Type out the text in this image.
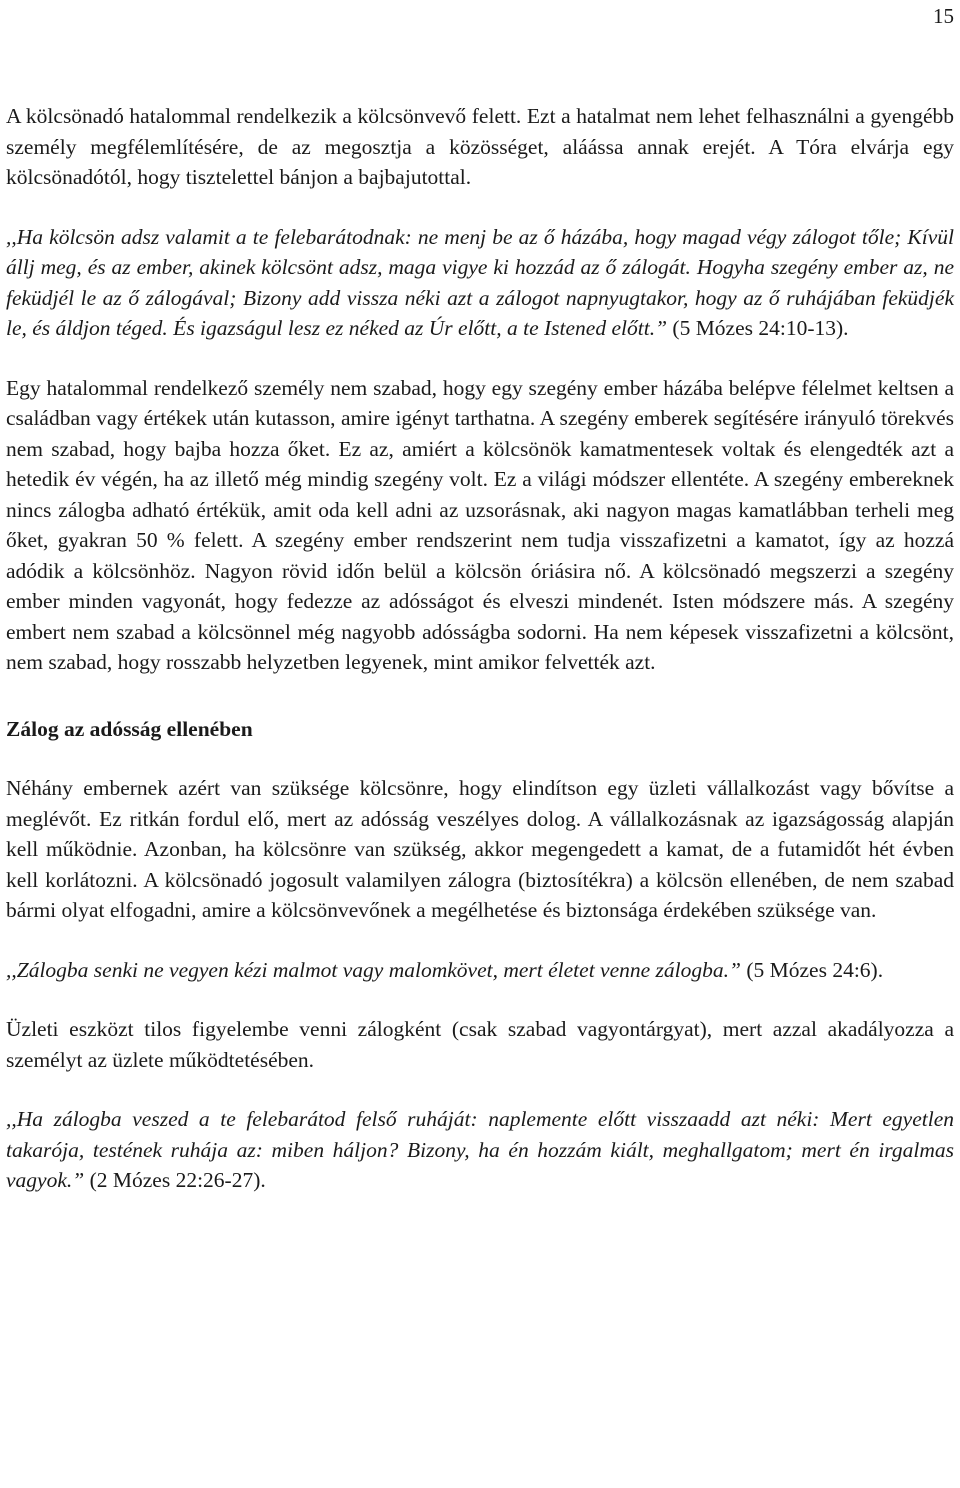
15

A kölcsönadó hatalommal rendelkezik a kölcsönvevő felett. Ezt a hatalmat nem lehet felhasználni a gyengébb személy megfélemlítésére, de az megosztja a közösséget, aláássa annak erejét. A Tóra elvárja egy kölcsönadótól, hogy tisztelettel bánjon a bajbajutottal.

,,Ha kölcsön adsz valamit a te felebarátodnak: ne menj be az ő házába, hogy magad végy zálogot tőle; Kívül állj meg, és az ember, akinek kölcsönt adsz, maga vigye ki hozzád az ő zálogát. Hogyha szegény ember az, ne feküdjél le az ő zálogával; Bizony add vissza néki azt a zálogot napnyugtakor, hogy az ő ruhájában feküdjék le, és áldjon téged. És igazságul lesz ez néked az Úr előtt, a te Istened előtt.” (5 Mózes 24:10-13).

Egy hatalommal rendelkező személy nem szabad, hogy egy szegény ember házába belépve félelmet keltsen a családban vagy értékek után kutasson, amire igényt tarthatna. A szegény emberek segítésére irányuló törekvés nem szabad, hogy bajba hozza őket. Ez az, amiért a kölcsönök kamatmentesek voltak és elengedték azt a hetedik év végén, ha az illető még mindig szegény volt. Ez a világi módszer ellentéte. A szegény embereknek nincs zálogba adható értékük, amit oda kell adni az uzsorásnak, aki nagyon magas kamatlábban terheli meg őket, gyakran 50 % felett. A szegény ember rendszerint nem tudja visszafizetni a kamatot, így az hozzá adódik a kölcsönhöz. Nagyon rövid idő​n belül a kölcsön óriásira nő. A kölcsönadó megszerzi a szegény ember minden vagyonát, hogy fedezze az adósságot és elveszi mindenét. Isten módszere más. A szegény embert nem szabad a kölcsönnel még nagyobb adósságba sodorni. Ha nem képesek visszafizetni a kölcsönt, nem szabad, hogy rosszabb helyzetben legyenek, mint amikor felvették azt.

Zálog az adósság ellenében

Néhány embernek azért van szüksége kölcsönre, hogy elindítson egy üzleti vállalkozást vagy bővítse a meglévőt. Ez ritkán fordul elő, mert az adósság veszélyes dolog. A vállalkozásnak az igazságosság alapján kell működnie. Azonban, ha kölcsönre van szükség, akkor megengedett a kamat, de a futamidőt hét évben kell korlátozni. A kölcsönadó jogosult valamilyen zálogra (biztosítékra) a kölcsön ellenében, de nem szabad bármi olyat elfogadni, amire a kölcsönvevőnek a megélhetése és biztonsága érdekében szüksége van.

,,Zálogba senki ne vegyen kézi malmot vagy malomkövet, mert életet venne zálogba.” (5 Mózes 24:6).

Üzleti eszközt tilos figyelembe venni zálogként (csak szabad vagyontárgyat), mert azzal akadályozza a személyt az üzlete működtetésében.

,,Ha zálogba veszed a te felebarátod felső ruháját: naplemente előtt visszaadd azt néki: Mert egyetlen takarója, testének ruhája az: miben háljon? Bizony, ha én hozzám kiált, meghallgatom; mert én irgalmas vagyok.” (2 Mózes 22:26-27).
